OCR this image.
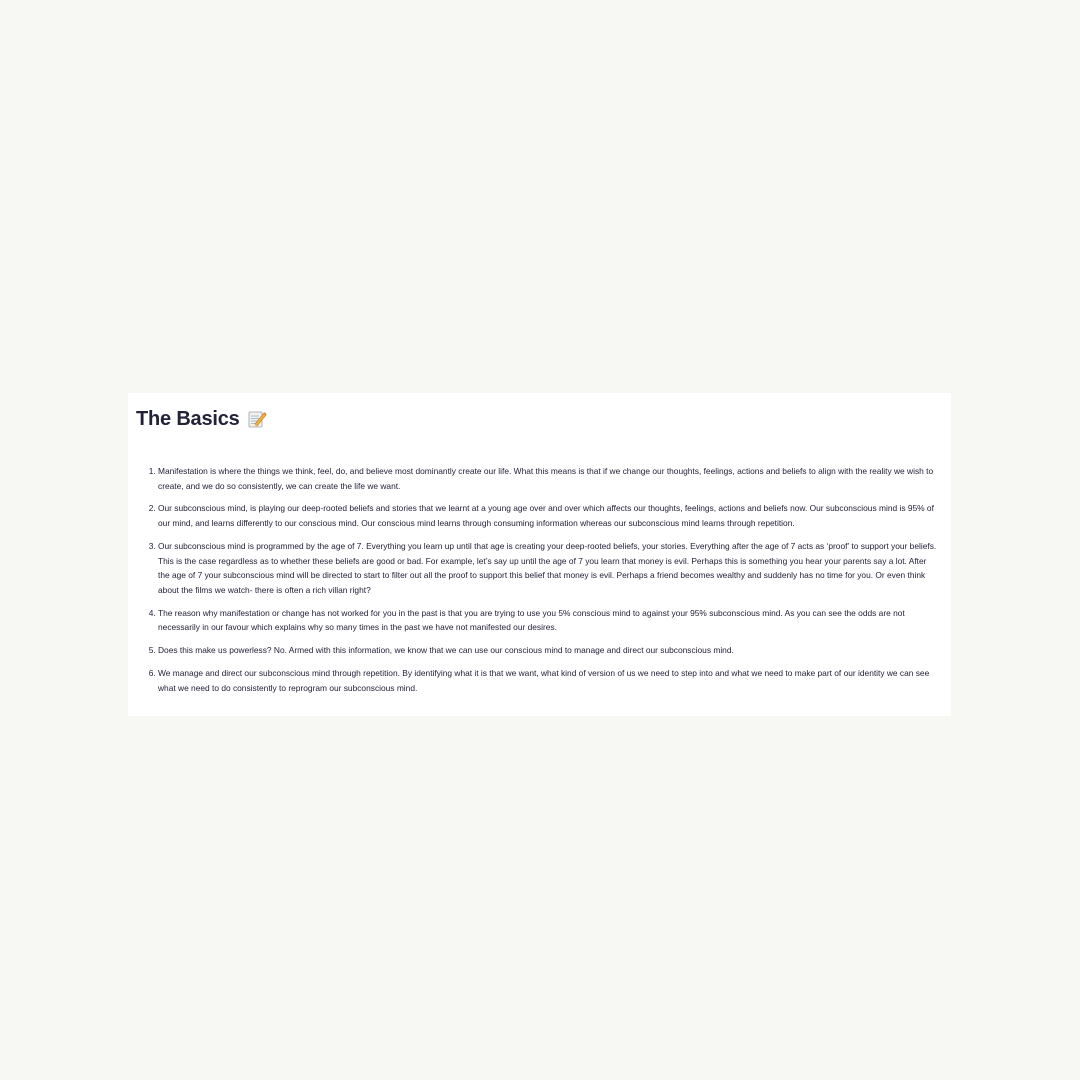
The Basics
1. Manifestation is where the things we think, feel, do, and believe most dominantly create our life. What this means is that if we change our thoughts, feelings, actions and beliefs to align with the reality we wish to create, and we do so consistently, we can create the life we want.
2. Our subconscious mind, is playing our deep-rooted beliefs and stories that we learnt at a young age over and over which affects our thoughts, feelings, actions and beliefs now. Our subconscious mind is 95% of our mind, and learns differently to our conscious mind. Our conscious mind learns through consuming information whereas our subconscious mind learns through repetition.
3. Our subconscious mind is programmed by the age of 7. Everything you learn up until that age is creating your deep-rooted beliefs, your stories. Everything after the age of 7 acts as ‘proof’ to support your beliefs. This is the case regardless as to whether these beliefs are good or bad. For example, let’s say up until the age of 7 you learn that money is evil. Perhaps this is something you hear your parents say a lot. After the age of 7 your subconscious mind will be directed to start to filter out all the proof to support this belief that money is evil. Perhaps a friend becomes wealthy and suddenly has no time for you. Or even think about the films we watch- there is often a rich villan right?
4. The reason why manifestation or change has not worked for you in the past is that you are trying to use you 5% conscious mind to against your 95% subconscious mind. As you can see the odds are not necessarily in our favour which explains why so many times in the past we have not manifested our desires.
5. Does this make us powerless? No. Armed with this information, we know that we can use our conscious mind to manage and direct our subconscious mind.
6. We manage and direct our subconscious mind through repetition. By identifying what it is that we want, what kind of version of us we need to step into and what we need to make part of our identity we can see what we need to do consistently to reprogram our subconscious mind.
